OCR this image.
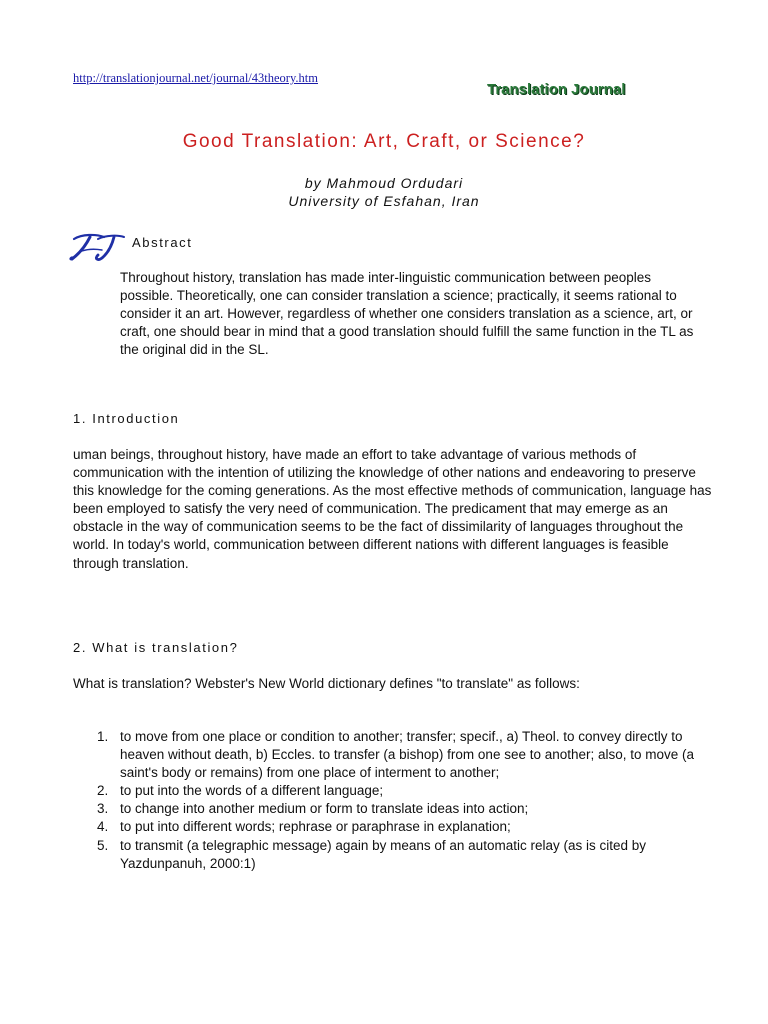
http://translationjournal.net/journal/43theory.htm
Translation Journal
Good Translation: Art, Craft, or Science?
by Mahmoud Ordudari
University of Esfahan, Iran
Abstract

Throughout history, translation has made inter-linguistic communication between peoples possible. Theoretically, one can consider translation a science; practically, it seems rational to consider it an art. However, regardless of whether one considers translation as a science, art, or craft, one should bear in mind that a good translation should fulfill the same function in the TL as the original did in the SL.

1. Introduction

uman beings, throughout history, have made an effort to take advantage of various methods of communication with the intention of utilizing the knowledge of other nations and endeavoring to preserve this knowledge for the coming generations. As the most effective methods of communication, language has been employed to satisfy the very need of communication. The predicament that may emerge as an obstacle in the way of communication seems to be the fact of dissimilarity of languages throughout the world. In today's world, communication between different nations with different languages is feasible through translation.

2. What is translation?

What is translation? Webster's New World dictionary defines "to translate" as follows:

1. to move from one place or condition to another; transfer; specif., a) Theol. to convey directly to heaven without death, b) Eccles. to transfer (a bishop) from one see to another; also, to move (a saint's body or remains) from one place of interment to another;
2. to put into the words of a different language;
3. to change into another medium or form to translate ideas into action;
4. to put into different words; rephrase or paraphrase in explanation;
5. to transmit (a telegraphic message) again by means of an automatic relay (as is cited by Yazdunpanuh, 2000:1)
